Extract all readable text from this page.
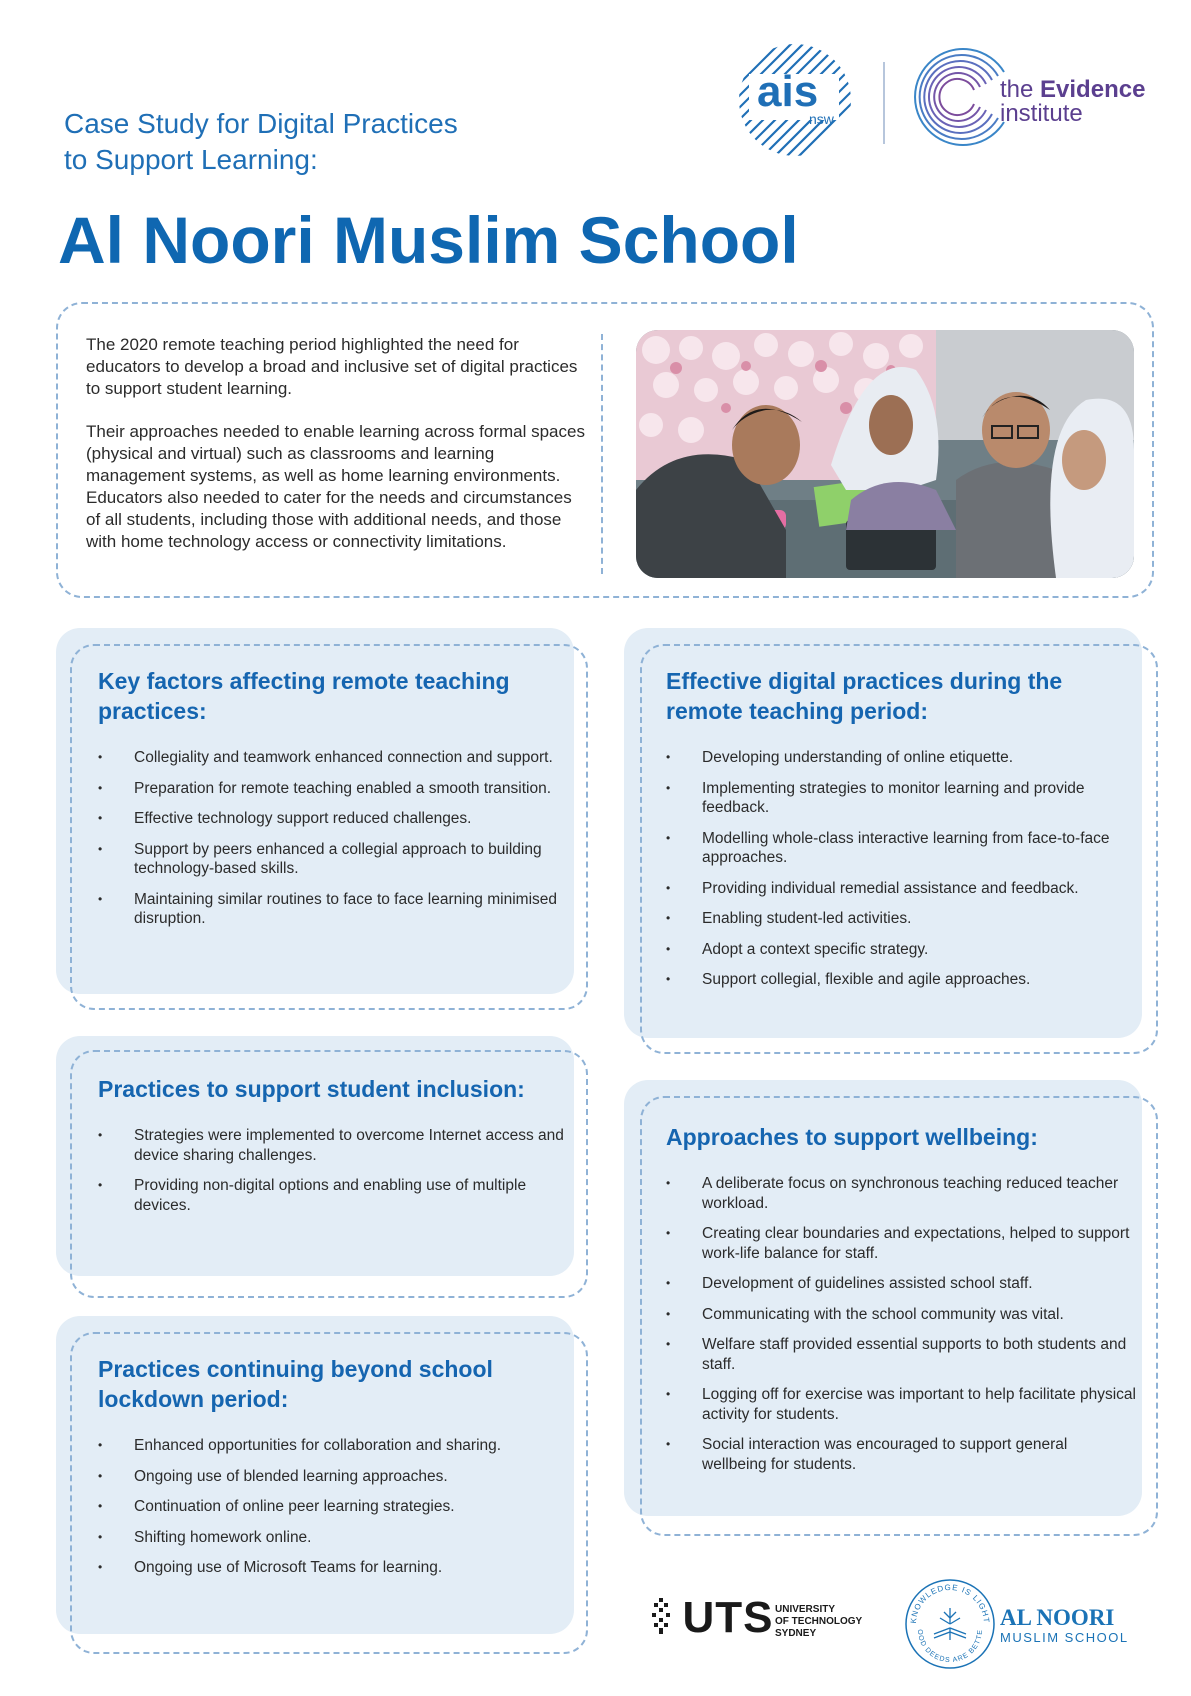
Case Study for Digital Practices
to Support Learning:
Al Noori Muslim School
ais
nsw
the Evidence
institute

The 2020 remote teaching period highlighted the need for educators to develop a broad and inclusive set of digital practices to support student learning.

Their approaches needed to enable learning across formal spaces (physical and virtual) such as classrooms and learning management systems, as well as home learning environments. Educators also needed to cater for the needs and circumstances of all students, including those with additional needs, and those with home technology access or connectivity limitations.

Key factors affecting remote teaching practices:
• Collegiality and teamwork enhanced connection and support.
• Preparation for remote teaching enabled a smooth transition.
• Effective technology support reduced challenges.
• Support by peers enhanced a collegial approach to building technology-based skills.
• Maintaining similar routines to face to face learning minimised disruption.
Effective digital practices during the remote teaching period:
• Developing understanding of online etiquette.
• Implementing strategies to monitor learning and provide feedback.
• Modelling whole-class interactive learning from face-to-face approaches.
• Providing individual remedial assistance and feedback.
• Enabling student-led activities.
• Adopt a context specific strategy.
• Support collegial, flexible and agile approaches.
Practices to support student inclusion:
• Strategies were implemented to overcome Internet access and device sharing challenges.
• Providing non-digital options and enabling use of multiple devices.
Approaches to support wellbeing:
• A deliberate focus on synchronous teaching reduced teacher workload.
• Creating clear boundaries and expectations, helped to support work-life balance for staff.
• Development of guidelines assisted school staff.
• Communicating with the school community was vital.
• Welfare staff provided essential supports to both students and staff.
• Logging off for exercise was important to help facilitate physical activity for students.
• Social interaction was encouraged to support general wellbeing for students.
Practices continuing beyond school lockdown period:
• Enhanced opportunities for collaboration and sharing.
• Ongoing use of blended learning approaches.
• Continuation of online peer learning strategies.
• Shifting homework online.
• Ongoing use of Microsoft Teams for learning.
UTS UNIVERSITY
OF TECHNOLOGY
SYDNEY
KNOWLEDGE IS LIGHT
OOD DEEDS ARE BETTE
AL NOORI
MUSLIM SCHOOL
